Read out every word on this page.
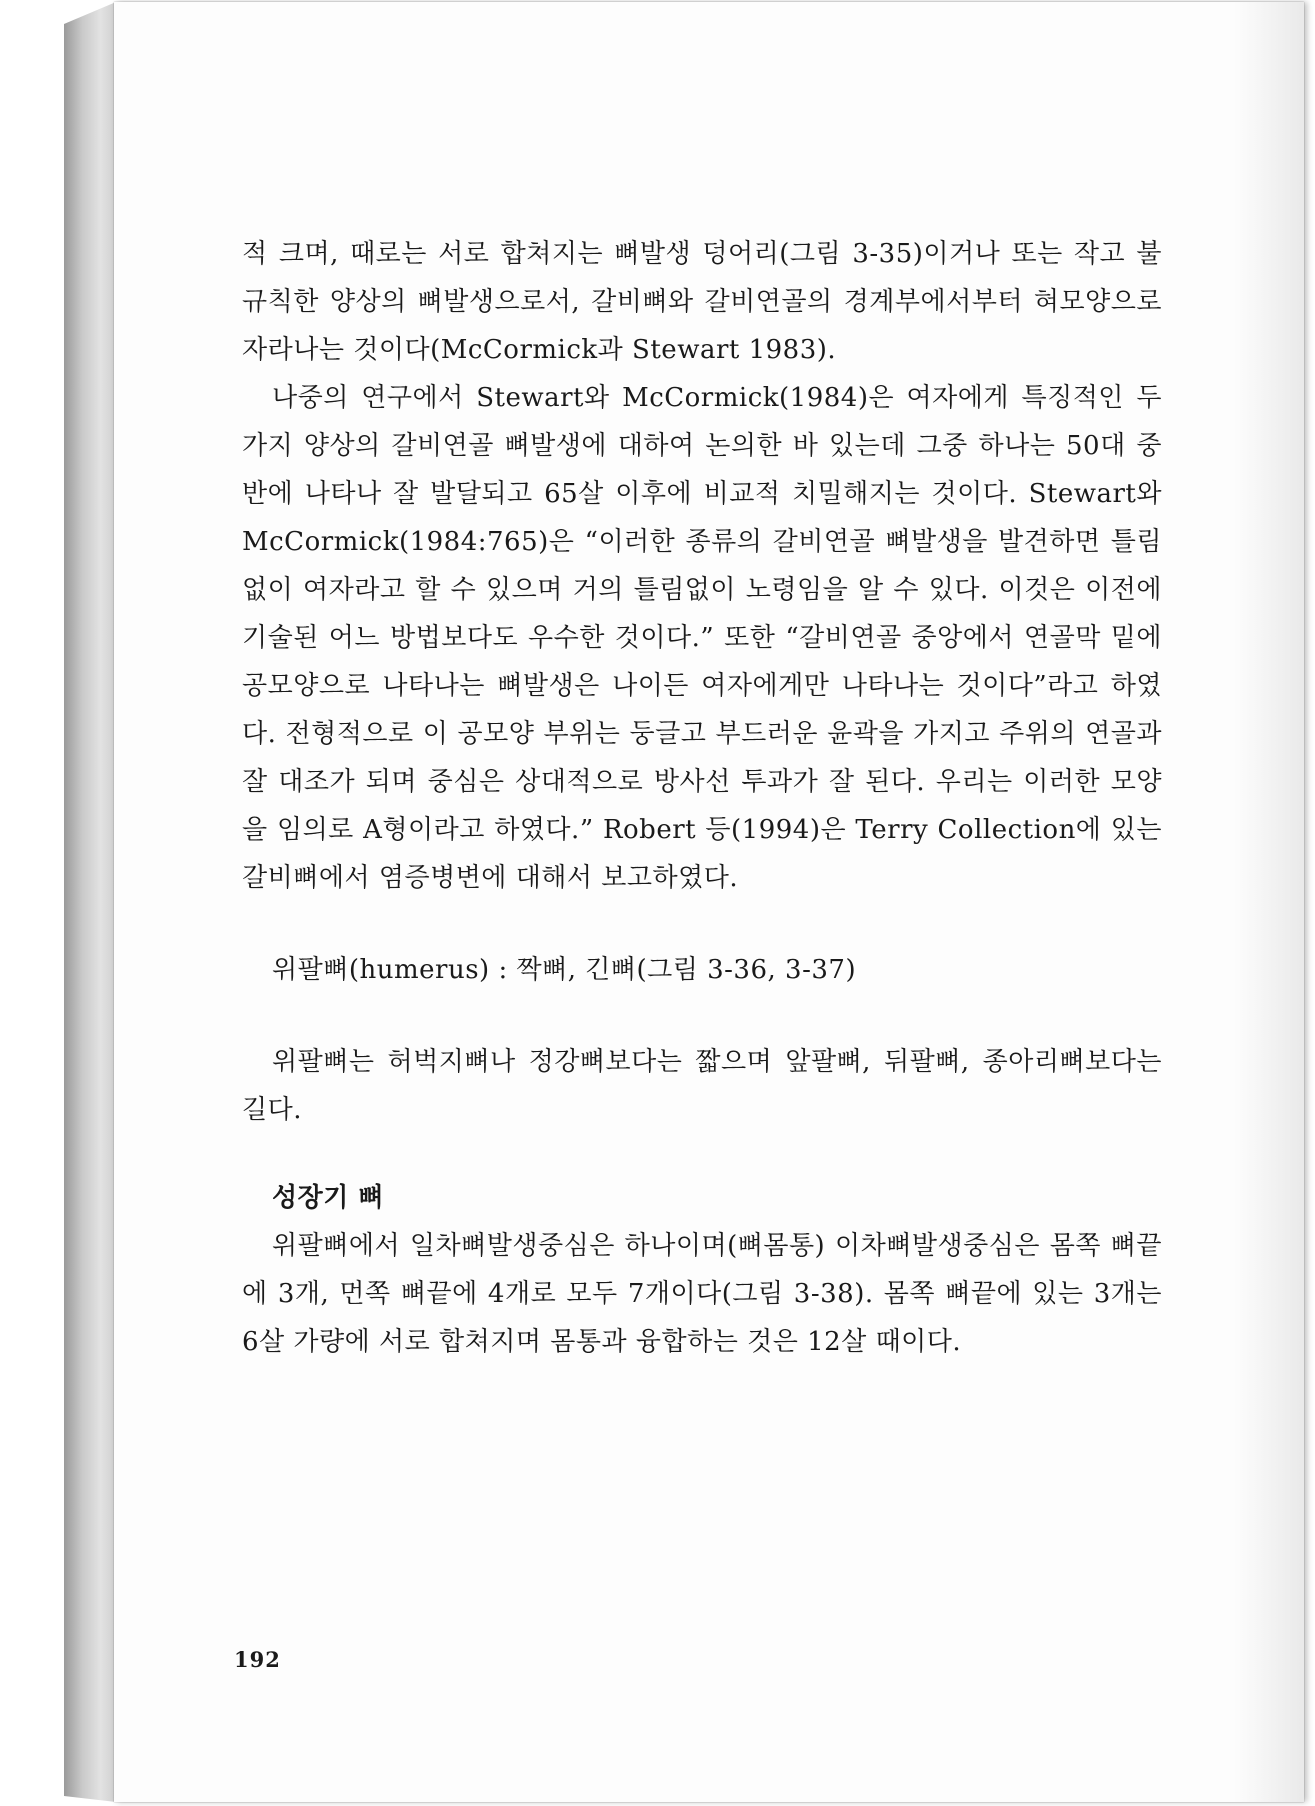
적 크며, 때로는 서로 합쳐지는 뼈발생 덩어리(그림 3-35)이거나 또는 작고 불규칙한 양상의 뼈발생으로서, 갈비뼈와 갈비연골의 경계부에서부터 혀모양으로 자라나는 것이다(McCormick과 Stewart 1983).

나중의 연구에서 Stewart와 McCormick(1984)은 여자에게 특징적인 두 가지 양상의 갈비연골 뼈발생에 대하여 논의한 바 있는데 그중 하나는 50대 중반에 나타나 잘 발달되고 65살 이후에 비교적 치밀해지는 것이다. Stewart와 McCormick(1984:765)은 “이러한 종류의 갈비연골 뼈발생을 발견하면 틀림없이 여자라고 할 수 있으며 거의 틀림없이 노령임을 알 수 있다. 이것은 이전에 기술된 어느 방법보다도 우수한 것이다.” 또한 “갈비연골 중앙에서 연골막 밑에 공모양으로 나타나는 뼈발생은 나이든 여자에게만 나타나는 것이다”라고 하였다. 전형적으로 이 공모양 부위는 둥글고 부드러운 윤곽을 가지고 주위의 연골과 잘 대조가 되며 중심은 상대적으로 방사선 투과가 잘 된다. 우리는 이러한 모양을 임의로 A형이라고 하였다.” Robert 등(1994)은 Terry Collection에 있는 갈비뼈에서 염증병변에 대해서 보고하였다.

위팔뼈(humerus) : 짝뼈, 긴뼈(그림 3-36, 3-37)

위팔뼈는 허벅지뼈나 정강뼈보다는 짧으며 앞팔뼈, 뒤팔뼈, 종아리뼈보다는 길다.

성장기 뼈

위팔뼈에서 일차뼈발생중심은 하나이며(뼈몸통) 이차뼈발생중심은 몸쪽 뼈끝에 3개, 먼쪽 뼈끝에 4개로 모두 7개이다(그림 3-38). 몸쪽 뼈끝에 있는 3개는 6살 가량에 서로 합쳐지며 몸통과 융합하는 것은 12살 때이다.

192
